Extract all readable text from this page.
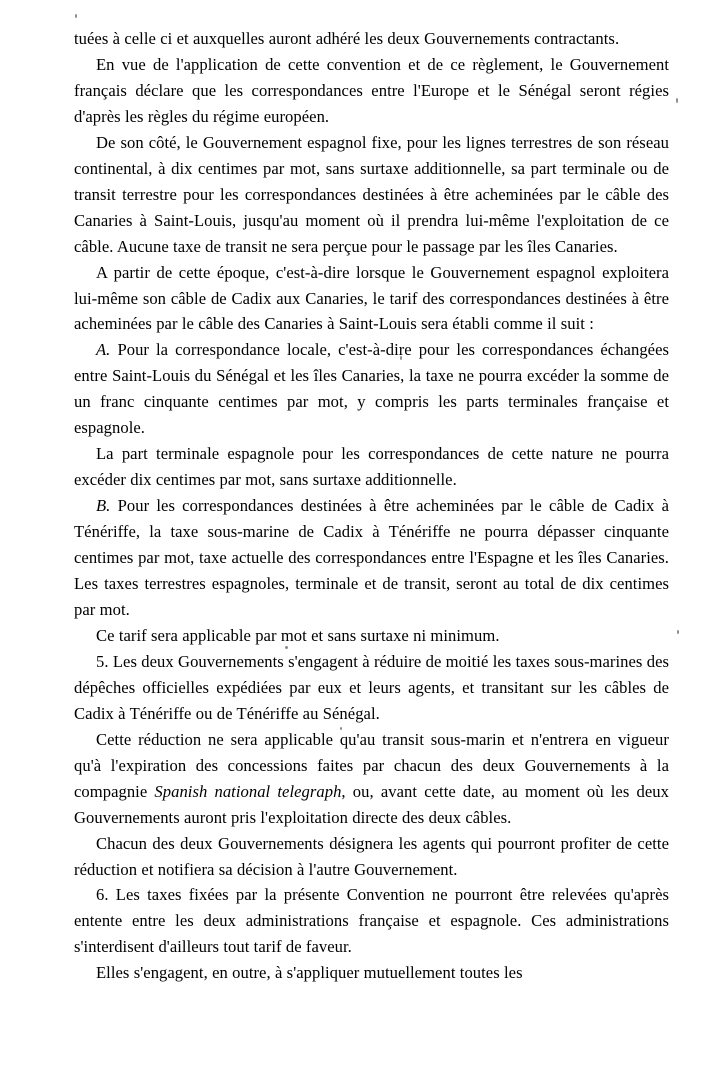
tuées à celle ci et auxquelles auront adhéré les deux Gouvernements contractants.

En vue de l'application de cette convention et de ce règlement, le Gouvernement français déclare que les correspondances entre l'Europe et le Sénégal seront régies d'après les règles du régime européen.

De son côté, le Gouvernement espagnol fixe, pour les lignes terrestres de son réseau continental, à dix centimes par mot, sans surtaxe additionnelle, sa part terminale ou de transit terrestre pour les correspondances destinées à être acheminées par le câble des Canaries à Saint-Louis, jusqu'au moment où il prendra lui-même l'exploitation de ce câble. Aucune taxe de transit ne sera perçue pour le passage par les îles Canaries.

A partir de cette époque, c'est-à-dire lorsque le Gouvernement espagnol exploitera lui-même son câble de Cadix aux Canaries, le tarif des correspondances destinées à être acheminées par le câble des Canaries à Saint-Louis sera établi comme il suit :

A. Pour la correspondance locale, c'est-à-dire pour les correspondances échangées entre Saint-Louis du Sénégal et les îles Canaries, la taxe ne pourra excéder la somme de un franc cinquante centimes par mot, y compris les parts terminales française et espagnole.

La part terminale espagnole pour les correspondances de cette nature ne pourra excéder dix centimes par mot, sans surtaxe additionnelle.

B. Pour les correspondances destinées à être acheminées par le câble de Cadix à Ténériffe, la taxe sous-marine de Cadix à Ténériffe ne pourra dépasser cinquante centimes par mot, taxe actuelle des correspondances entre l'Espagne et les îles Canaries. Les taxes terrestres espagnoles, terminale et de transit, seront au total de dix centimes par mot.

Ce tarif sera applicable par mot et sans surtaxe ni minimum.

5. Les deux Gouvernements s'engagent à réduire de moitié les taxes sous-marines des dépêches officielles expédiées par eux et leurs agents, et transitant sur les câbles de Cadix à Ténériffe ou de Ténériffe au Sénégal.

Cette réduction ne sera applicable qu'au transit sous-marin et n'entrera en vigueur qu'à l'expiration des concessions faites par chacun des deux Gouvernements à la compagnie Spanish national telegraph, ou, avant cette date, au moment où les deux Gouvernements auront pris l'exploitation directe des deux câbles.

Chacun des deux Gouvernements désignera les agents qui pourront profiter de cette réduction et notifiera sa décision à l'autre Gouvernement.

6. Les taxes fixées par la présente Convention ne pourront être relevées qu'après entente entre les deux administrations française et espagnole. Ces administrations s'interdisent d'ailleurs tout tarif de faveur.

Elles s'engagent, en outre, à s'appliquer mutuellement toutes les
